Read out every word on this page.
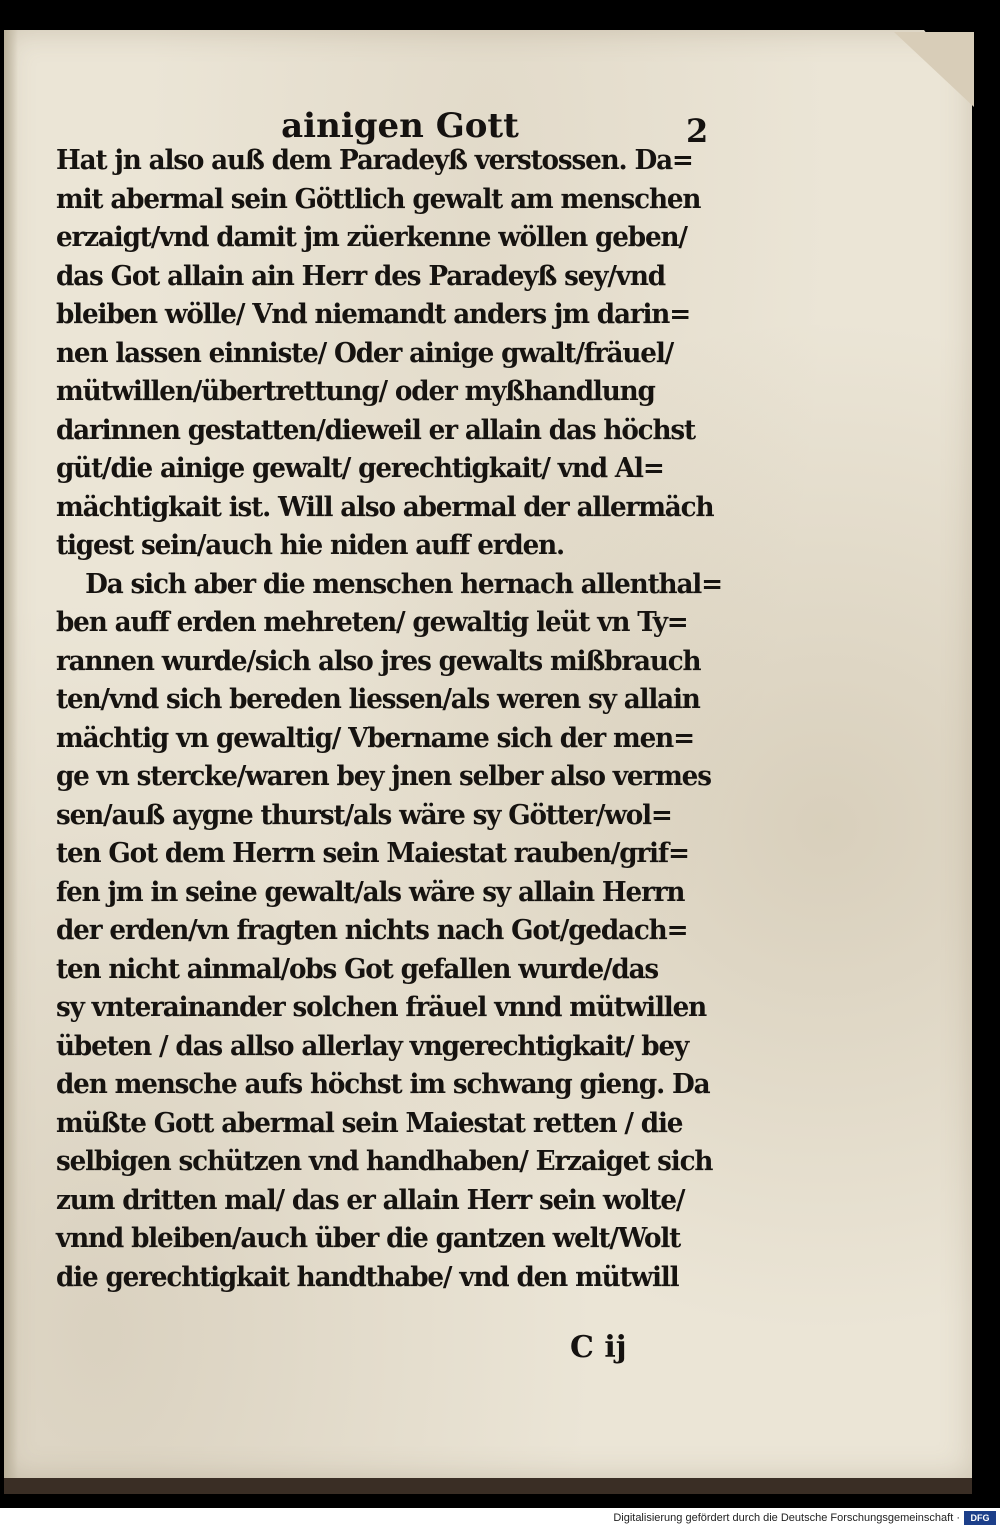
ainigen Gott	2
Hat jn also auß dem Paradeyß verstossen. Da=
mit abermal sein Göttlich gewalt am menschen
erzaigt/vnd damit jm züerkenne wöllen geben/
das Got allain ain Herr des Paradeyß sey/vnd
bleiben wölle/ Vnd niemandt anders jm darin=
nen lassen einniste/ Oder ainige gwalt/fräuel/
mütwillen/übertrettung/ oder myßhandlung
darinnen gestatten/dieweil er allain das höchst
güt/die ainige gewalt/ gerechtigkait/ vnd Al=
mächtigkait ist. Will also abermal der allermäch
tigest sein/auch hie niden auff erden.
Da sich aber die menschen hernach allenthal=
ben auff erden mehreten/ gewaltig leüt vn Ty=
rannen wurde/sich also jres gewalts mißbrauch
ten/vnd sich bereden liessen/als weren sy allain
mächtig vn gewaltig/ Vbername sich der men=
ge vn stercke/waren bey jnen selber also vermes
sen/auß aygne thurst/als wäre sy Götter/wol=
ten Got dem Herrn sein Maiestat rauben/grif=
fen jm in seine gewalt/als wäre sy allain Herrn
der erden/vn fragten nichts nach Got/gedach=
ten nicht ainmal/obs Got gefallen wurde/das
sy vnterainander solchen fräuel vnnd mütwillen
übeten / das allso allerlay vngerechtigkait/ bey
den mensche aufs höchst im schwang gieng. Da
müßte Gott abermal sein Maiestat retten / die
selbigen schützen vnd handhaben/ Erzaiget sich
zum dritten mal/ das er allain Herr sein wolte/
vnnd bleiben/auch über die gantzen welt/Wolt
die gerechtigkait handthabe/ vnd den mütwill
C ij
Digitalisierung gefördert durch die Deutsche Forschungsgemeinschaft ·	DFG
